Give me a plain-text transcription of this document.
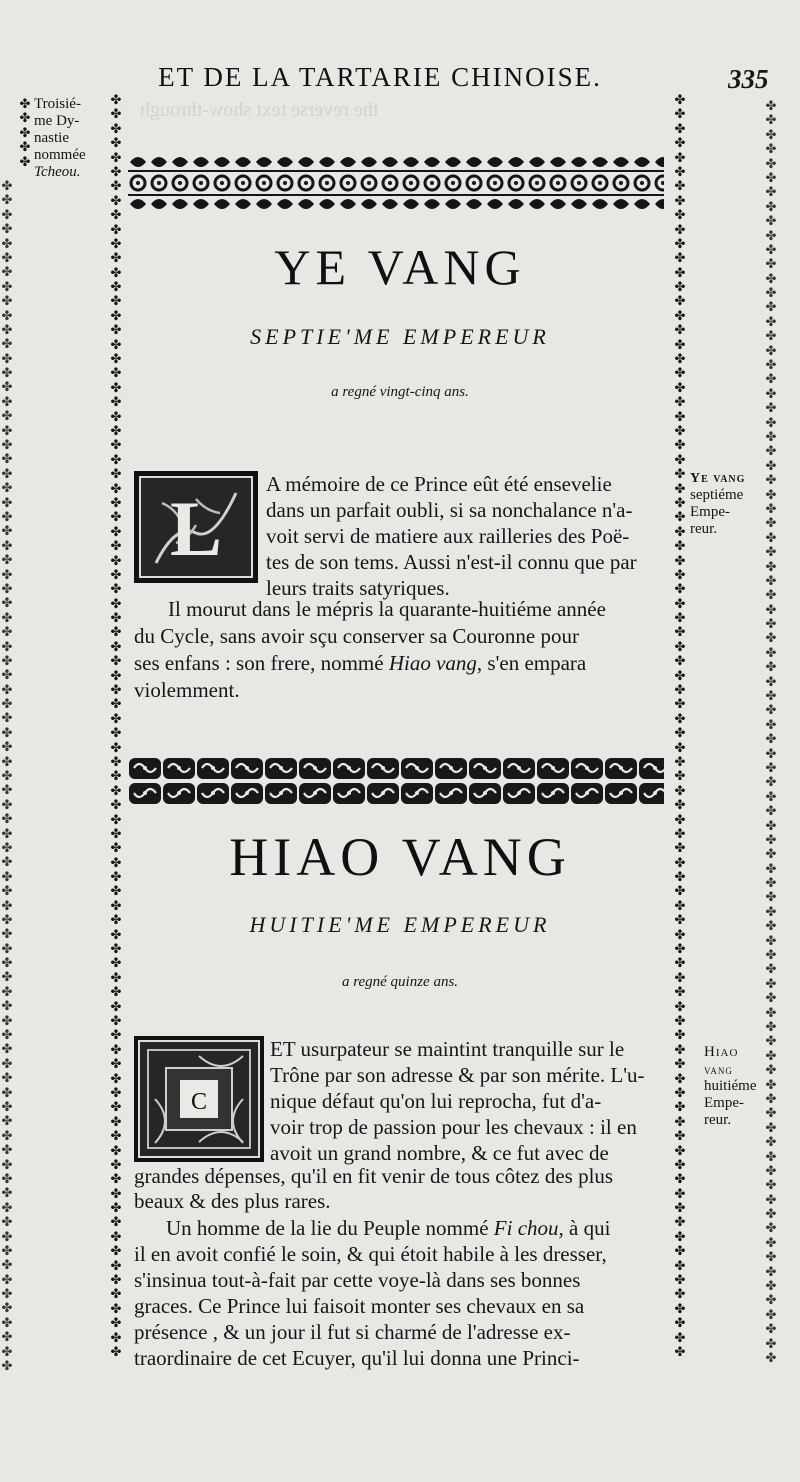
the reverse text show-through
ET DE LA TARTARIE CHINOISE.	335
✤
✤
✤
✤
✤
✤
✤
✤
✤
✤
✤
✤
✤
✤
✤
✤
✤
✤
✤
✤
✤
✤
✤
✤
✤
✤
✤
✤
✤
✤
✤
✤
✤
✤
✤
✤
✤
✤
✤
✤
✤
✤
✤
✤
✤
✤
✤
✤
✤
✤
✤
✤
✤
✤
✤
✤
✤
✤
✤
✤
✤
✤
✤
✤
✤
✤
✤
✤
✤
✤
✤
✤
✤
✤
✤
✤
✤
✤
✤
✤
✤
✤
✤
✤
✤
✤
✤
✤
✤
✤
✤
✤
✤
✤
✤
✤
✤
✤
✤
✤
✤
✤
✤
✤
✤
✤
✤
✤
✤
✤
✤
✤
✤
✤
✤
✤
✤
✤
✤
✤
✤
✤
✤
✤
✤
✤
✤
✤
✤
✤
✤
✤
✤
✤
✤
✤
✤
✤
✤
✤
✤
✤
✤
✤
✤
✤
✤
✤
✤
✤
✤
✤
✤
✤
✤
✤
✤
✤
✤
✤
✤
✤
✤
✤
✤
✤
✤
✤
✤
✤
✤
✤
✤
✤
✤
✤
✤
✤
✤
✤
✤
✤
✤
✤
✤
✤
✤
✤
✤
✤
✤
✤
✤
✤
✤
✤
✤
✤
✤
✤
✤
✤
✤
✤
✤
✤
✤
✤
✤
✤
✤
✤
✤
✤
✤
✤
✤
✤
✤
✤
✤
✤
✤
✤
✤
✤
✤
✤
✤
✤
✤
✤
✤
✤
✤
✤
✤
✤
✤
✤
✤
✤
✤
✤
✤
✤
✤
✤
✤
✤
✤
✤
✤
✤
✤
✤
✤
✤
✤
✤
✤
✤
✤
✤
✤
✤
✤
✤
✤
✤
✤
✤
✤
✤
✤
✤
✤
✤
✤
✤
✤
✤
✤
✤
✤
✤
✤
✤
✤
✤
✤
✤
✤
✤
✤
✤
✤
✤
✤
✤
✤
✤
✤
✤
✤
✤
✤
✤
✤
✤
✤
✤
✤
✤
✤
✤
✤
✤
✤
✤
✤
✤
✤
✤
✤
✤
✤
✤
✤
✤
✤
✤
✤
✤
✤
✤
✤
✤
✤
✤
✤
✤
✤
✤
✤
✤
✤
✤
✤
✤
✤
✤
Troisié-
me Dy-
nastie
nommée
Tcheou.
YE VANG
SEPTIE'ME EMPEREUR
a regné vingt-cinq ans.
L
A mémoire de ce Prince eût été ensevelie
dans un parfait oubli, si sa nonchalance n'a-
voit servi de matiere aux railleries des Poë-
tes de son tems. Aussi n'est-il connu que par
leurs traits satyriques.
Il mourut dans le mépris la quarante-huitiéme année
du Cycle, sans avoir sçu conserver sa Couronne pour
ses enfans : son frere, nommé Hiao vang, s'en empara
violemment.
Ye vang
septiéme
Empe-
reur.
HIAO VANG
HUITIE'ME EMPEREUR
a regné quinze ans.
C
ET usurpateur se maintint tranquille sur le
Trône par son adresse & par son mérite. L'u-
nique défaut qu'on lui reprocha, fut d'a-
voir trop de passion pour les chevaux : il en
avoit un grand nombre, & ce fut avec de
grandes dépenses, qu'il en fit venir de tous côtez des plus
beaux & des plus rares.
Un homme de la lie du Peuple nommé Fi chou, à qui
il en avoit confié le soin, & qui étoit habile à les dresser,
s'insinua tout-à-fait par cette voye-là dans ses bonnes
graces. Ce Prince lui faisoit monter ses chevaux en sa
présence , & un jour il fut si charmé de l'adresse ex-
traordinaire de cet Ecuyer, qu'il lui donna une Princi-
Hiao
vang
huitiéme
Empe-
reur.
